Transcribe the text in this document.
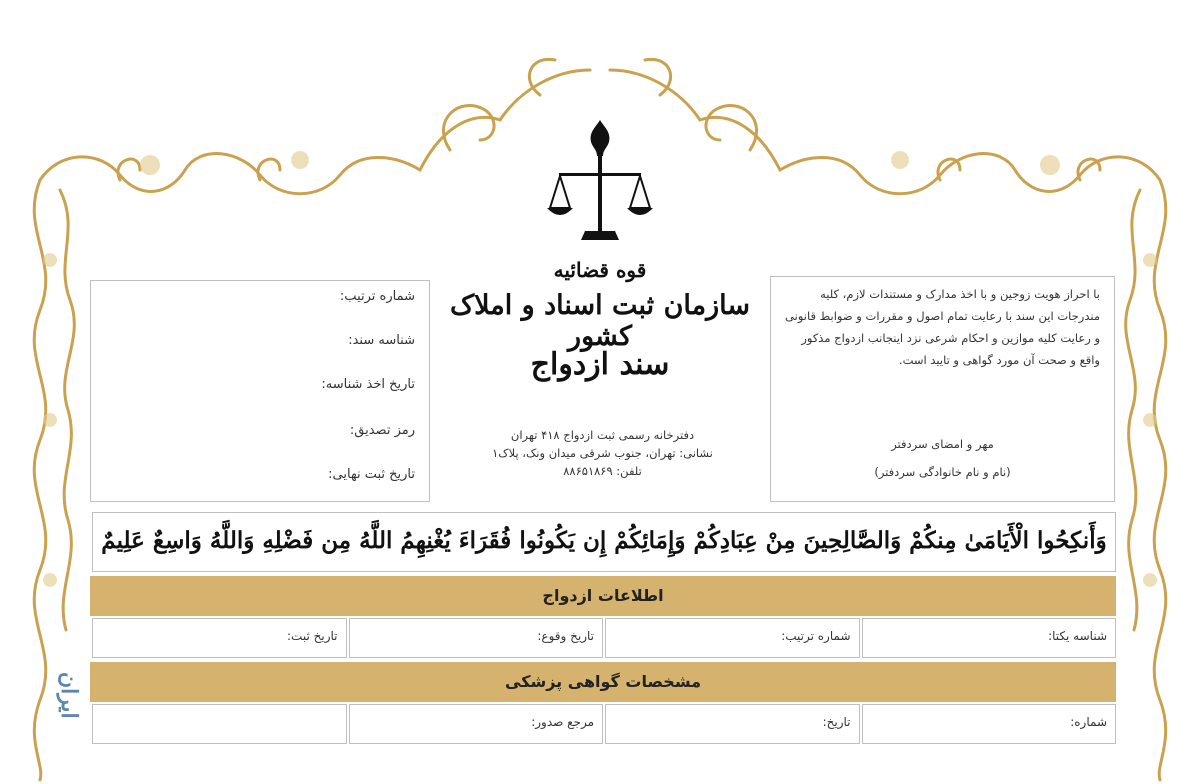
قوه قضائیه
سازمان ثبت اسناد و املاک کشور
سند ازدواج
شماره ترتیب:
شناسه سند:
تاریخ اخذ شناسه:
رمز تصدیق:
تاریخ ثبت نهایی:
با احراز هویت زوجین و با اخذ مدارک و مستندات لازم، کلیه مندرجات این سند با رعایت تمام اصول و مقررات و ضوابط قانونی و رعایت کلیه موازین و احکام شرعی نزد اینجانب ازدواج مذکور واقع و صحت آن مورد گواهی و تایید است.
مهر و امضای سردفتر
(نام و نام خانوادگی سردفتر)
دفترخانه رسمی ثبت ازدواج ۴۱۸ تهران
نشانی: تهران، جنوب شرقی میدان ونک، پلاک۱
تلفن: ۸۸۶۵۱۸۶۹
وَأَنكِحُوا الْأَيَامَىٰ مِنكُمْ وَالصَّالِحِينَ مِنْ عِبَادِكُمْ وَإِمَائِكُمْ إِن يَكُونُوا فُقَرَاءَ يُغْنِهِمُ اللَّهُ مِن فَضْلِهِ وَاللَّهُ وَاسِعٌ عَلِيمٌ
اطلاعات ازدواج
شناسه یکتا:
شماره ترتیب:
تاریخ وقوع:
تاریخ ثبت:
مشخصات گواهی پزشکی
شماره:
تاریخ:
مرجع صدور:
ایران
